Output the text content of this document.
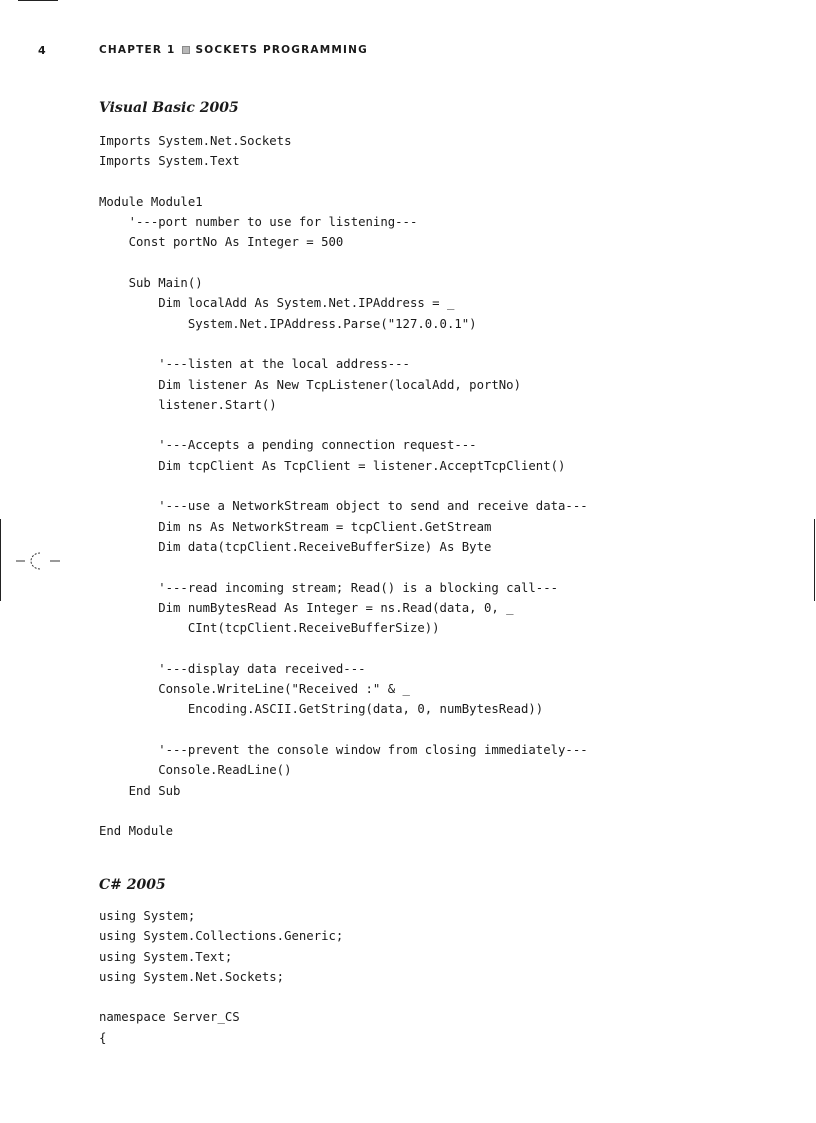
4	CHAPTER 1 SOCKETS PROGRAMMING
Visual Basic 2005
Imports System.Net.Sockets
Imports System.Text
Module Module1
'---port number to use for listening---
Const portNo As Integer = 500
Sub Main()
Dim localAdd As System.Net.IPAddress = _
System.Net.IPAddress.Parse("127.0.0.1")
'---listen at the local address---
Dim listener As New TcpListener(localAdd, portNo)
listener.Start()
'---Accepts a pending connection request---
Dim tcpClient As TcpClient = listener.AcceptTcpClient()
'---use a NetworkStream object to send and receive data---
Dim ns As NetworkStream = tcpClient.GetStream
Dim data(tcpClient.ReceiveBufferSize) As Byte
'---read incoming stream; Read() is a blocking call---
Dim numBytesRead As Integer = ns.Read(data, 0, _
CInt(tcpClient.ReceiveBufferSize))
'---display data received---
Console.WriteLine("Received :" & _
Encoding.ASCII.GetString(data, 0, numBytesRead))
'---prevent the console window from closing immediately---
Console.ReadLine()
End Sub
End Module
C# 2005
using System;
using System.Collections.Generic;
using System.Text;
using System.Net.Sockets;
namespace Server_CS
{
